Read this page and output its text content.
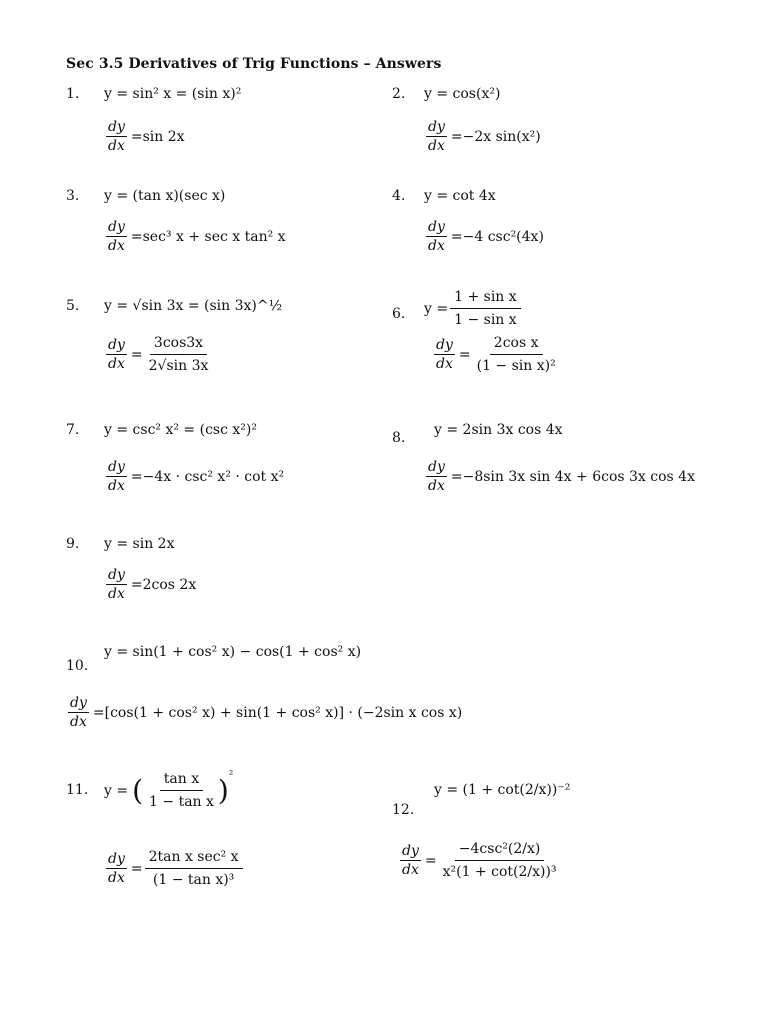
Sec 3.5 Derivatives of Trig Functions – Answers
1. y = sin² x = (sin x)²
$\frac{dy}{dx} = \sin 2x$
2. y = cos(x²)
$\frac{dy}{dx} = -2x$ sin(x²)
3. y = (tan x)(sec x)
$\frac{dy}{dx} = \sec^3$ x + sec x tan² x
4. y = cot 4x
$\frac{dy}{dx} = -4$ csc²(4x)
5. y = √sin 3x = (sin 3x)^½
$\frac{dy}{dx} = \frac{3\cos 3x}{2√\sin 3x}$
6. $y = \frac{\text{1 + sin x}}{\text{1 − sin x}}$
$\frac{dy}{dx} = \frac{\text{2cos x}}{\text{(1 − sin x)²}}$
7. y = csc² x² = (csc x²)²
$\frac{dy}{dx} = -4x \cdot \csc^2$ x² · cot x²
8. y = 2sin 3x cos 4x
$\frac{dy}{dx} = -8\sin$ 3x sin 4x + 6cos 3x cos 4x
9. y = sin 2x
$\frac{dy}{dx} = 2\cos$ 2x
10.
y = sin(1 + cos² x) − cos(1 + cos² x)
$\frac{dy}{dx} = [\cos(1 + \cos^2$ x) + sin(1 + cos² x)] · (−2sin x cos x)
11. y = ( $\frac{\text{tan x}}{\text{1 − tan x}}$ ) ²
$\frac{dy}{dx}$ =
2tan x sec² x
(1 − tan x)³
12.
y = (1 + cot(2/x))⁻²
$\frac{dy}{dx}$ =
−4csc²(2/x)
x²(1 + cot(2/x))³
